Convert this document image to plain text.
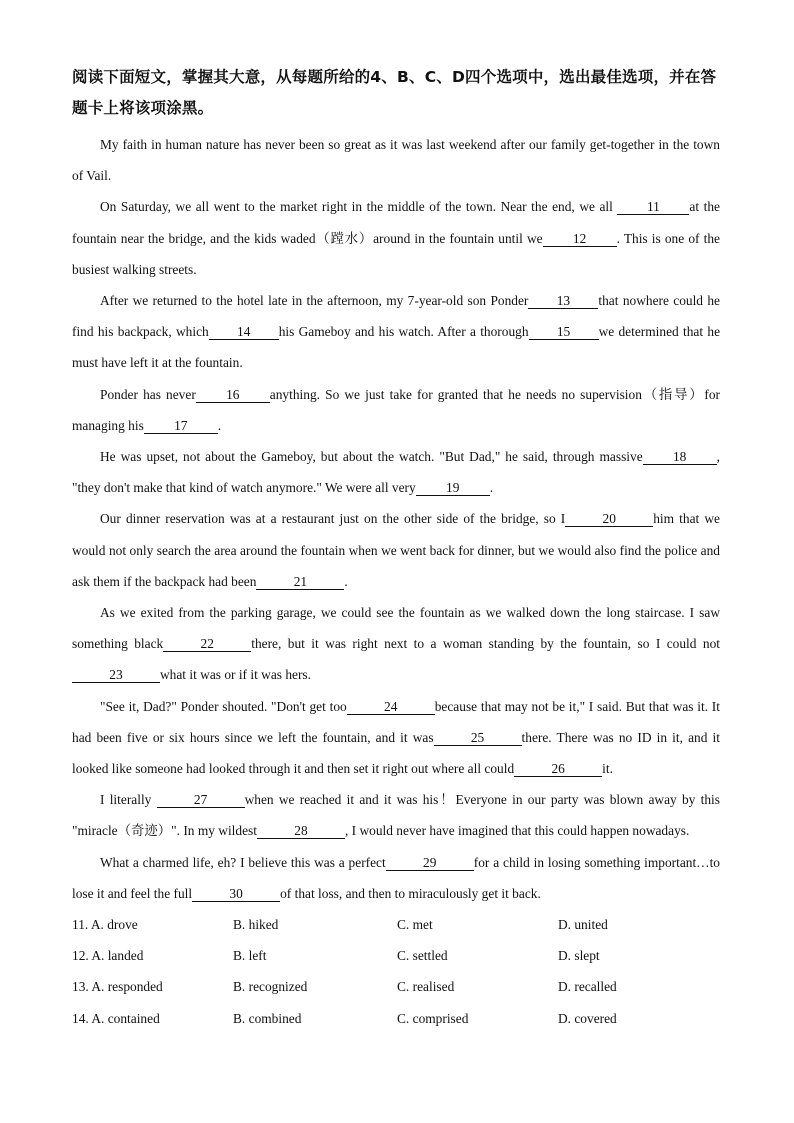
阅读下面短文，掌握其大意，从每题所给的4、B、C、D四个选项中，选出最佳选项，并在答题卡上将该项涂黑。

My faith in human nature has never been so great as it was last weekend after our family get-together in the town of Vail.

On Saturday, we all went to the market right in the middle of the town. Near the end, we all 11 at the fountain near the bridge, and the kids waded（蹚水）around in the fountain until we 12 . This is one of the busiest walking streets.

After we returned to the hotel late in the afternoon, my 7-year-old son Ponder 13 that nowhere could he find his backpack, which 14 his Gameboy and his watch. After a thorough 15 we determined that he must have left it at the fountain.

Ponder has never 16 anything. So we just take for granted that he needs no supervision（指导）for managing his 17 .

He was upset, not about the Gameboy, but about the watch. "But Dad," he said, through massive 18 , "they don't make that kind of watch anymore." We were all very 19 .

Our dinner reservation was at a restaurant just on the other side of the bridge, so I	20	him that we would not only search the area around the fountain when we went back for dinner, but we would also find the police and ask them if the backpack had been	21	.

As we exited from the parking garage, we could see the fountain as we walked down the long staircase. I saw something black	22	there, but it was right next to a woman standing by the fountain, so I could not23	what it was or if it was hers.

"See it, Dad?" Ponder shouted. "Don't get too	24	because that may not be it," I said. But that was it. It had been five or six hours since we left the fountain, and it was	25	there. There was no ID in it, and it looked like someone had looked through it and then set it right out where all could	26	it.

I literally	27	when we reached it and it was his！Everyone in our party was blown away by this "miracle（奇迹）". In my wildest	28	, I would never have imagined that this could happen nowadays.

What a charmed life, eh? I believe this was a perfect	29	for a child in losing something important…to lose it and feel the full	30	of that loss, and then to miraculously get it back.

11. A. drove	B. hiked	C. met	D. united
12. A. landed	B. left	C. settled	D. slept
13. A. responded	B. recognized	C. realised	D. recalled
14. A. contained	B. combined	C. comprised	D. covered
